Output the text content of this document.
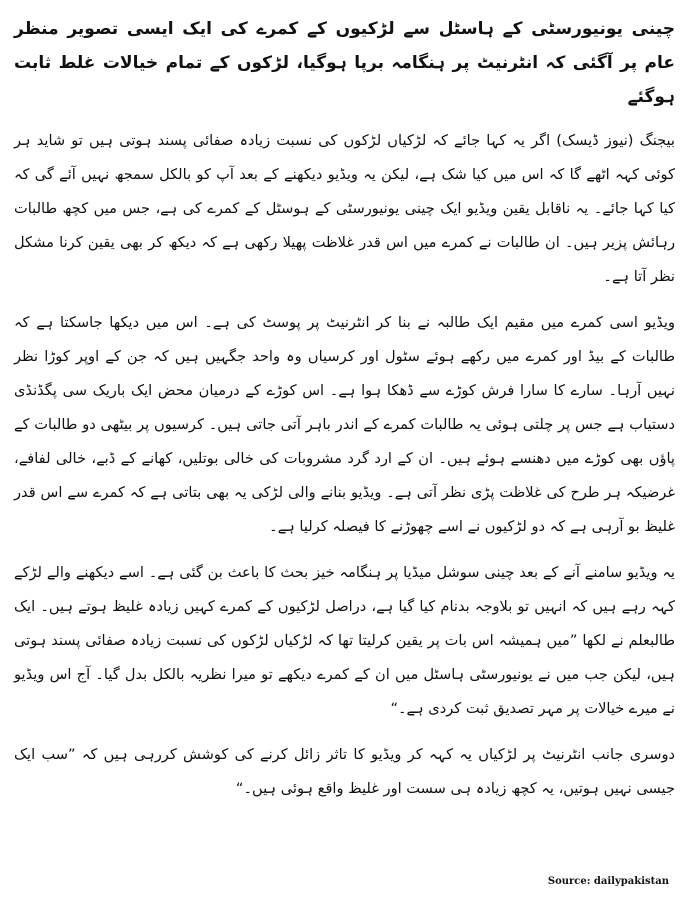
چینی یونیورسٹی کے ہاسٹل سے لڑکیوں کے کمرے کی ایک ایسی تصویر منظر عام پر آگئی کہ انٹرنیٹ پر ہنگامہ برپا ہوگیا، لڑکوں کے تمام خیالات غلط ثابت ہوگئے
بیجنگ (نیوز ڈیسک) اگر یہ کہا جائے کہ لڑکیاں لڑکوں کی نسبت زیادہ صفائی پسند ہوتی ہیں تو شاید ہر کوئی کہہ اٹھے گا کہ اس میں کیا شک ہے، لیکن یہ ویڈیو دیکھنے کے بعد آپ کو بالکل سمجھ نہیں آئے گی کہ کیا کہا جائے۔ یہ ناقابل یقین ویڈیو ایک چینی یونیورسٹی کے ہوسٹل کے کمرے کی ہے، جس میں کچھ طالبات رہائش پزیر ہیں۔ ان طالبات نے کمرے میں اس قدر غلاظت پھیلا رکھی ہے کہ دیکھ کر بھی یقین کرنا مشکل نظر آتا ہے۔
ویڈیو اسی کمرے میں مقیم ایک طالبہ نے بنا کر انٹرنیٹ پر پوسٹ کی ہے۔ اس میں دیکھا جاسکتا ہے کہ طالبات کے بیڈ اور کمرے میں رکھے ہوئے سٹول اور کرسیاں وہ واحد جگہیں ہیں کہ جن کے اوپر کوڑا نظر نہیں آرہا۔ سارے کا سارا فرش کوڑے سے ڈھکا ہوا ہے۔ اس کوڑے کے درمیان محض ایک باریک سی پگڈنڈی دستیاب ہے جس پر چلتی ہوئی یہ طالبات کمرے کے اندر باہر آتی جاتی ہیں۔ کرسیوں پر بیٹھی دو طالبات کے پاؤں بھی کوڑے میں دھنسے ہوئے ہیں۔ ان کے ارد گرد مشروبات کی خالی بوتلیں، کھانے کے ڈبے، خالی لفافے، غرضیکہ ہر طرح کی غلاظت پڑی نظر آتی ہے۔ ویڈیو بنانے والی لڑکی یہ بھی بتاتی ہے کہ کمرے سے اس قدر غلیظ بو آرہی ہے کہ دو لڑکیوں نے اسے چھوڑنے کا فیصلہ کرلیا ہے۔
یہ ویڈیو سامنے آنے کے بعد چینی سوشل میڈیا پر ہنگامہ خیز بحث کا باعث بن گئی ہے۔ اسے دیکھنے والے لڑکے کہہ رہے ہیں کہ انہیں تو بلاوجہ بدنام کیا گیا ہے، دراصل لڑکیوں کے کمرے کہیں زیادہ غلیظ ہوتے ہیں۔ ایک طالبعلم نے لکھا ”میں ہمیشہ اس بات پر یقین کرلیتا تھا کہ لڑکیاں لڑکوں کی نسبت زیادہ صفائی پسند ہوتی ہیں، لیکن جب میں نے یونیورسٹی ہاسٹل میں ان کے کمرے دیکھے تو میرا نظریہ بالکل بدل گیا۔ آج اس ویڈیو نے میرے خیالات پر مہر تصدیق ثبت کردی ہے۔“
دوسری جانب انٹرنیٹ پر لڑکیاں یہ کہہ کر ویڈیو کا تاثر زائل کرنے کی کوشش کررہی ہیں کہ ”سب ایک جیسی نہیں ہوتیں، یہ کچھ زیادہ ہی سست اور غلیظ واقع ہوئی ہیں۔“
Source: dailypakistan
